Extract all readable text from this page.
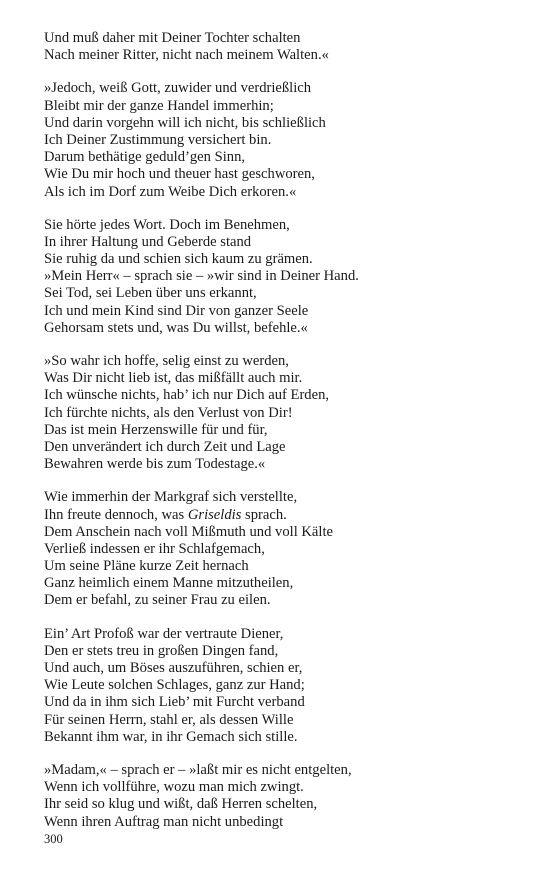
Und muß daher mit Deiner Tochter schalten
Nach meiner Ritter, nicht nach meinem Walten.«
»Jedoch, weiß Gott, zuwider und verdrießlich
Bleibt mir der ganze Handel immerhin;
Und darin vorgehn will ich nicht, bis schließlich
Ich Deiner Zustimmung versichert bin.
Darum bethätige geduld’gen Sinn,
Wie Du mir hoch und theuer hast geschworen,
Als ich im Dorf zum Weibe Dich erkoren.«
Sie hörte jedes Wort. Doch im Benehmen,
In ihrer Haltung und Geberde stand
Sie ruhig da und schien sich kaum zu grämen.
»Mein Herr« – sprach sie – »wir sind in Deiner Hand.
Sei Tod, sei Leben über uns erkannt,
Ich und mein Kind sind Dir von ganzer Seele
Gehorsam stets und, was Du willst, befehle.«
»So wahr ich hoffe, selig einst zu werden,
Was Dir nicht lieb ist, das mißfällt auch mir.
Ich wünsche nichts, hab’ ich nur Dich auf Erden,
Ich fürchte nichts, als den Verlust von Dir!
Das ist mein Herzenswille für und für,
Den unverändert ich durch Zeit und Lage
Bewahren werde bis zum Todestage.«
Wie immerhin der Markgraf sich verstellte,
Ihn freute dennoch, was Griseldis sprach.
Dem Anschein nach voll Mißmuth und voll Kälte
Verließ indessen er ihr Schlafgemach,
Um seine Pläne kurze Zeit hernach
Ganz heimlich einem Manne mitzutheilen,
Dem er befahl, zu seiner Frau zu eilen.
Ein’ Art Profoß war der vertraute Diener,
Den er stets treu in großen Dingen fand,
Und auch, um Böses auszuführen, schien er,
Wie Leute solchen Schlages, ganz zur Hand;
Und da in ihm sich Lieb’ mit Furcht verband
Für seinen Herrn, stahl er, als dessen Wille
Bekannt ihm war, in ihr Gemach sich stille.
»Madam,« – sprach er – »laßt mir es nicht entgelten,
Wenn ich vollführe, wozu man mich zwingt.
Ihr seid so klug und wißt, daß Herren schelten,
Wenn ihren Auftrag man nicht unbedingt
300
